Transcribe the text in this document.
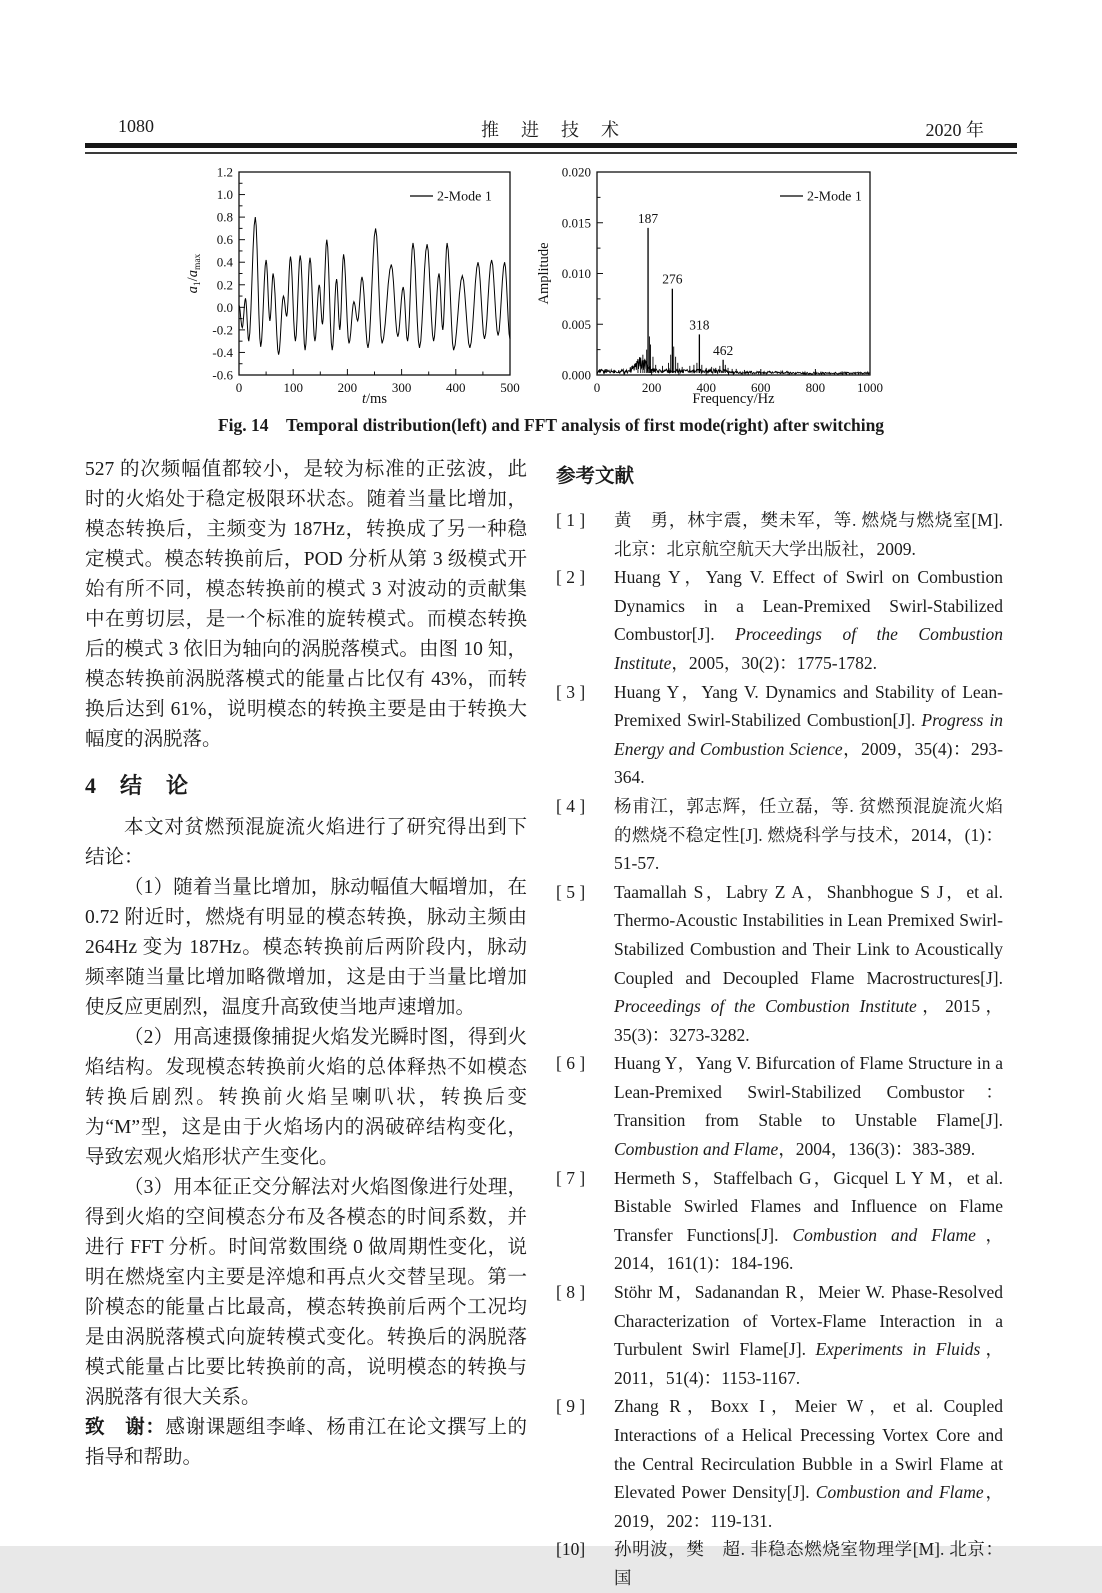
1080	推　进　技　术	2020 年
0	100	200	300	400	500
-0.6
-0.4
-0.2
0.0
0.2
0.4
0.6
0.8
1.0
1.2
2-Mode 1
t/ms
$a_1/a_{max}$
0	200	400	600	800 1000
0.000
0.005
0.010
0.015
0.020
187
276
318
462
2-Mode 1
Frequency/Hz
Amplitude
Fig. 14　Temporal distribution(left) and FFT analysis of first mode(right) after switching

527 的次频幅值都较小，是较为标准的正弦波，此时的火焰处于稳定极限环状态。随着当量比增加，模态转换后，主频变为 187Hz，转换成了另一种稳定模式。模态转换前后，POD 分析从第 3 级模式开始有所不同，模态转换前的模式 3 对波动的贡献集中在剪切层，是一个标准的旋转模式。而模态转换后的模式 3 依旧为轴向的涡脱落模式。由图 10 知，模态转换前涡脱落模式的能量占比仅有 43%，而转换后达到 61%，说明模态的转换主要是由于转换大幅度的涡脱落。

4　结　论

本文对贫燃预混旋流火焰进行了研究得出到下结论：

（1）随着当量比增加，脉动幅值大幅增加，在 0.72 附近时，燃烧有明显的模态转换，脉动主频由 264Hz 变为 187Hz。模态转换前后两阶段内，脉动频率随当量比增加略微增加，这是由于当量比增加使反应更剧烈，温度升高致使当地声速增加。

（2）用高速摄像捕捉火焰发光瞬时图，得到火焰结构。发现模态转换前火焰的总体释热不如模态转换后剧烈。转换前火焰呈喇叭状，转换后变为“M”型，这是由于火焰场内的涡破碎结构变化，导致宏观火焰形状产生变化。

（3）用本征正交分解法对火焰图像进行处理，得到火焰的空间模态分布及各模态的时间系数，并进行 FFT 分析。时间常数围绕 0 做周期性变化，说明在燃烧室内主要是淬熄和再点火交替呈现。第一阶模态的能量占比最高，模态转换前后两个工况均是由涡脱落模式向旋转模式变化。转换后的涡脱落模式能量占比要比转换前的高，说明模态的转换与涡脱落有很大关系。

致　谢：感谢课题组李峰、杨甫江在论文撰写上的指导和帮助。

参考文献
[ 1 ]	黄　勇，林宇震，樊未军，等. 燃烧与燃烧室[M]. 北京：北京航空航天大学出版社，2009.
[ 2 ]	Huang Y，Yang V. Effect of Swirl on Combustion Dynamics in a Lean-Premixed Swirl-Stabilized Combustor[J]. Proceedings of the Combustion Institute，2005，30(2)：1775-1782.
[ 3 ]	Huang Y，Yang V. Dynamics and Stability of Lean-Premixed Swirl-Stabilized Combustion[J]. Progress in Energy and Combustion Science，2009，35(4)：293-364.
[ 4 ]	杨甫江，郭志辉，任立磊，等. 贫燃预混旋流火焰的燃烧不稳定性[J]. 燃烧科学与技术，2014，(1)：51-57.
[ 5 ]	Taamallah S，Labry Z A，Shanbhogue S J，et al. Thermo-Acoustic Instabilities in Lean Premixed Swirl-Stabilized Combustion and Their Link to Acoustically Coupled and Decoupled Flame Macrostructures[J]. Proceedings of the Combustion Institute，2015，35(3)：3273-3282.
[ 6 ]	Huang Y，Yang V. Bifurcation of Flame Structure in a Lean-Premixed Swirl-Stabilized Combustor：Transition from Stable to Unstable Flame[J]. Combustion and Flame，2004，136(3)：383-389.
[ 7 ]	Hermeth S，Staffelbach G，Gicquel L Y M，et al. Bistable Swirled Flames and Influence on Flame Transfer Functions[J]. Combustion and Flame，2014，161(1)：184-196.
[ 8 ]	Stöhr M，Sadanandan R，Meier W. Phase-Resolved Characterization of Vortex-Flame Interaction in a Turbulent Swirl Flame[J]. Experiments in Fluids，2011，51(4)：1153-1167.
[ 9 ]	Zhang R，Boxx I，Meier W，et al. Coupled Interactions of a Helical Precessing Vortex Core and the Central Recirculation Bubble in a Swirl Flame at Elevated Power Density[J]. Combustion and Flame，2019，202：119-131.
[10]	孙明波，樊　超. 非稳态燃烧室物理学[M]. 北京：国
